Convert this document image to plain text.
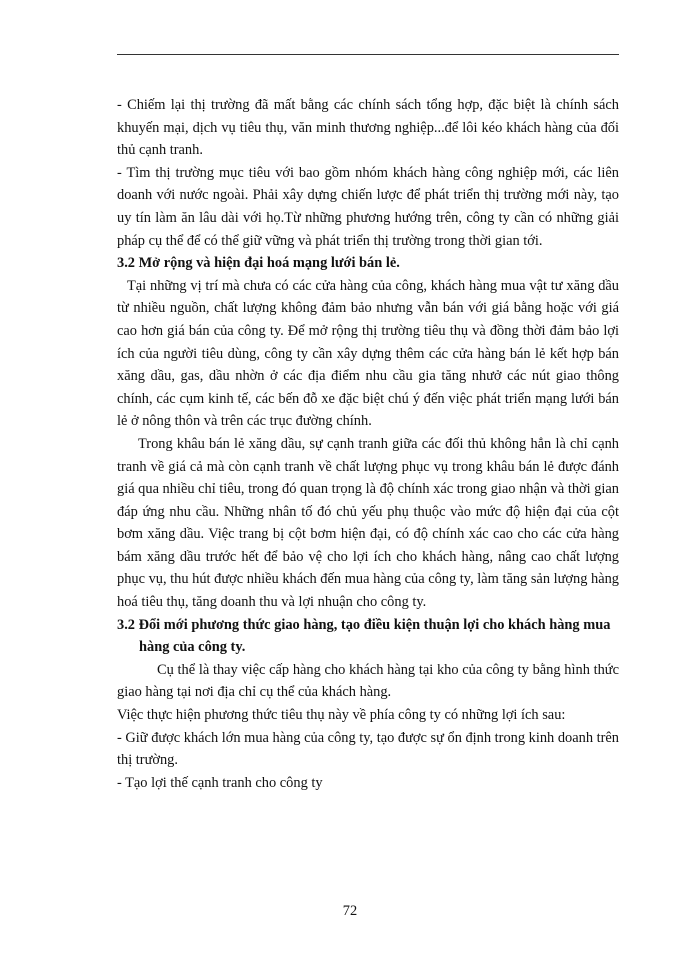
- Chiếm lại thị trường đã mất bằng các chính sách tổng hợp, đặc biệt là chính sách khuyến mại, dịch vụ tiêu thụ, văn minh thương nghiệp...để lôi kéo khách hàng của đối thủ cạnh tranh.

- Tìm thị trường mục tiêu với bao gồm nhóm khách hàng công nghiệp mới, các liên doanh với nước ngoài. Phải xây dựng chiến lược để phát triển thị trường mới này, tạo uy tín làm ăn lâu dài với họ.Từ những phương hướng trên, công ty cần có những giải pháp cụ thể để có thể giữ vững và phát triển thị trường trong thời gian tới.

3.2 Mở rộng và hiện đại hoá mạng lưới bán lẻ.

Tại những vị trí mà chưa có các cửa hàng của công, khách hàng mua vật tư xăng dầu từ nhiều nguồn, chất lượng không đảm bảo nhưng vẫn bán với giá bằng hoặc với giá cao hơn giá bán của công ty. Để mở rộng thị trường tiêu thụ và đồng thời đảm bảo lợi ích của người tiêu dùng, công ty cần xây dựng thêm các cửa hàng bán lẻ kết hợp bán xăng dầu, gas, dầu nhờn ở các địa điểm nhu cầu gia tăng nhưở các nút giao thông chính, các cụm kinh tế, các bến đỗ xe đặc biệt chú ý đến việc phát triển mạng lưới bán lẻ ở nông thôn và trên các trục đường chính.

Trong khâu bán lẻ xăng dầu, sự cạnh tranh giữa các đối thủ không hẳn là chỉ cạnh tranh về giá cả mà còn cạnh tranh về chất lượng phục vụ trong khâu bán lẻ được đánh giá qua nhiều chỉ tiêu, trong đó quan trọng là độ chính xác trong giao nhận và thời gian đáp ứng nhu cầu. Những nhân tố đó chủ yếu phụ thuộc vào mức độ hiện đại của cột bơm xăng dầu. Việc trang bị cột bơm hiện đại, có độ chính xác cao cho các cửa hàng bám xăng dầu trước hết để bảo vệ cho lợi ích cho khách hàng, nâng cao chất lượng phục vụ, thu hút được nhiều khách đến mua hàng của công ty, làm tăng sản lượng hàng hoá tiêu thụ, tăng doanh thu và lợi nhuận cho công ty.

3.2 Đổi mới phương thức giao hàng, tạo điều kiện thuận lợi cho khách hàng mua hàng của công ty.

Cụ thể là thay việc cấp hàng cho khách hàng tại kho của công ty bằng hình thức giao hàng tại nơi địa chỉ cụ thể của khách hàng.

Việc thực hiện phương thức tiêu thụ này về phía công ty có những lợi ích sau:

- Giữ được khách lớn mua hàng của công ty, tạo được sự ổn định trong kinh doanh trên thị trường.

- Tạo lợi thế cạnh tranh cho công ty

72
